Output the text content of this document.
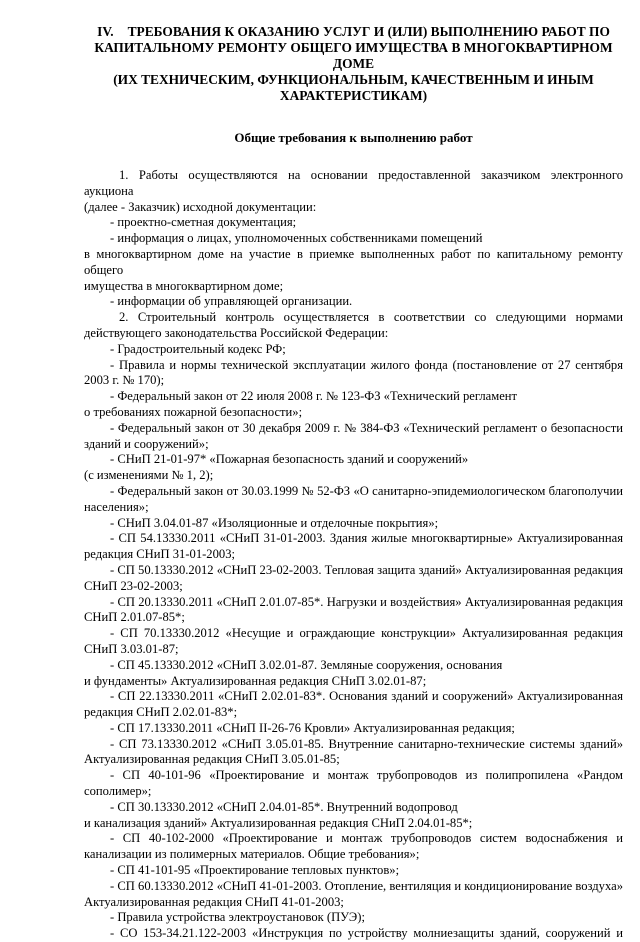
IV. ТРЕБОВАНИЯ К ОКАЗАНИЮ УСЛУГ И (ИЛИ) ВЫПОЛНЕНИЮ РАБОТ ПО
КАПИТАЛЬНОМУ РЕМОНТУ ОБЩЕГО ИМУЩЕСТВА В МНОГОКВАРТИРНОМ ДОМЕ
(ИХ ТЕХНИЧЕСКИМ, ФУНКЦИОНАЛЬНЫМ, КАЧЕСТВЕННЫМ И ИНЫМ
ХАРАКТЕРИСТИКАМ)
Общие требования к выполнению работ

1. Работы осуществляются на основании предоставленной заказчиком электронного аукциона

(далее - Заказчик) исходной документации:

- проектно-сметная документация;

- информация о лицах, уполномоченных собственниками помещений

в многоквартирном доме на участие в приемке выполненных работ по капитальному ремонту общего

имущества в многоквартирном доме;

- информации об управляющей организации.

2. Строительный контроль осуществляется в соответствии со следующими нормами

действующего законодательства Российской Федерации:

- Градостроительный кодекс РФ;

- Правила и нормы технической эксплуатации жилого фонда (постановление от 27 сентября

2003 г. № 170);

- Федеральный закон от 22 июля 2008 г. № 123-ФЗ «Технический регламент

о требованиях пожарной безопасности»;

- Федеральный закон от 30 декабря 2009 г. № 384-ФЗ «Технический регламент о безопасности

зданий и сооружений»;

- СНиП 21-01-97* «Пожарная безопасность зданий и сооружений»

(с изменениями № 1, 2);

- Федеральный закон от 30.03.1999 № 52-ФЗ «О санитарно-эпидемиологическом благополучии

населения»;

- СНиП 3.04.01-87 «Изоляционные и отделочные покрытия»;

- СП 54.13330.2011 «СНиП 31-01-2003. Здания жилые многоквартирные» Актуализированная

редакция СНиП 31-01-2003;

- СП 50.13330.2012 «СНиП 23-02-2003. Тепловая защита зданий» Актуализированная редакция

СНиП 23-02-2003;

- СП 20.13330.2011 «СНиП 2.01.07-85*. Нагрузки и воздействия» Актуализированная редакция

СНиП 2.01.07-85*;

- СП 70.13330.2012 «Несущие и ограждающие конструкции» Актуализированная редакция

СНиП 3.03.01-87;

- СП 45.13330.2012 «СНиП 3.02.01-87. Земляные сооружения, основания

и фундаменты» Актуализированная редакция СНиП 3.02.01-87;

- СП 22.13330.2011 «СНиП 2.02.01-83*. Основания зданий и сооружений» Актуализированная

редакция СНиП 2.02.01-83*;

- СП 17.13330.2011 «СНиП II-26-76 Кровли» Актуализированная редакция;

- СП 73.13330.2012 «СНиП 3.05.01-85. Внутренние санитарно-технические системы зданий»

Актуализированная редакция СНиП 3.05.01-85;

- СП 40-101-96 «Проектирование и монтаж трубопроводов из полипропилена «Рандом

сополимер»;

- СП 30.13330.2012 «СНиП 2.04.01-85*. Внутренний водопровод

и канализация зданий» Актуализированная редакция СНиП 2.04.01-85*;

- СП 40-102-2000 «Проектирование и монтаж трубопроводов систем водоснабжения и

канализации из полимерных материалов. Общие требования»;

- СП 41-101-95 «Проектирование тепловых пунктов»;

- СП 60.13330.2012 «СНиП 41-01-2003. Отопление, вентиляция и кондиционирование воздуха»

Актуализированная редакция СНиП 41-01-2003;

- Правила устройства электроустановок (ПУЭ);

- СО 153-34.21.122-2003 «Инструкция по устройству молниезащиты зданий, сооружений и
